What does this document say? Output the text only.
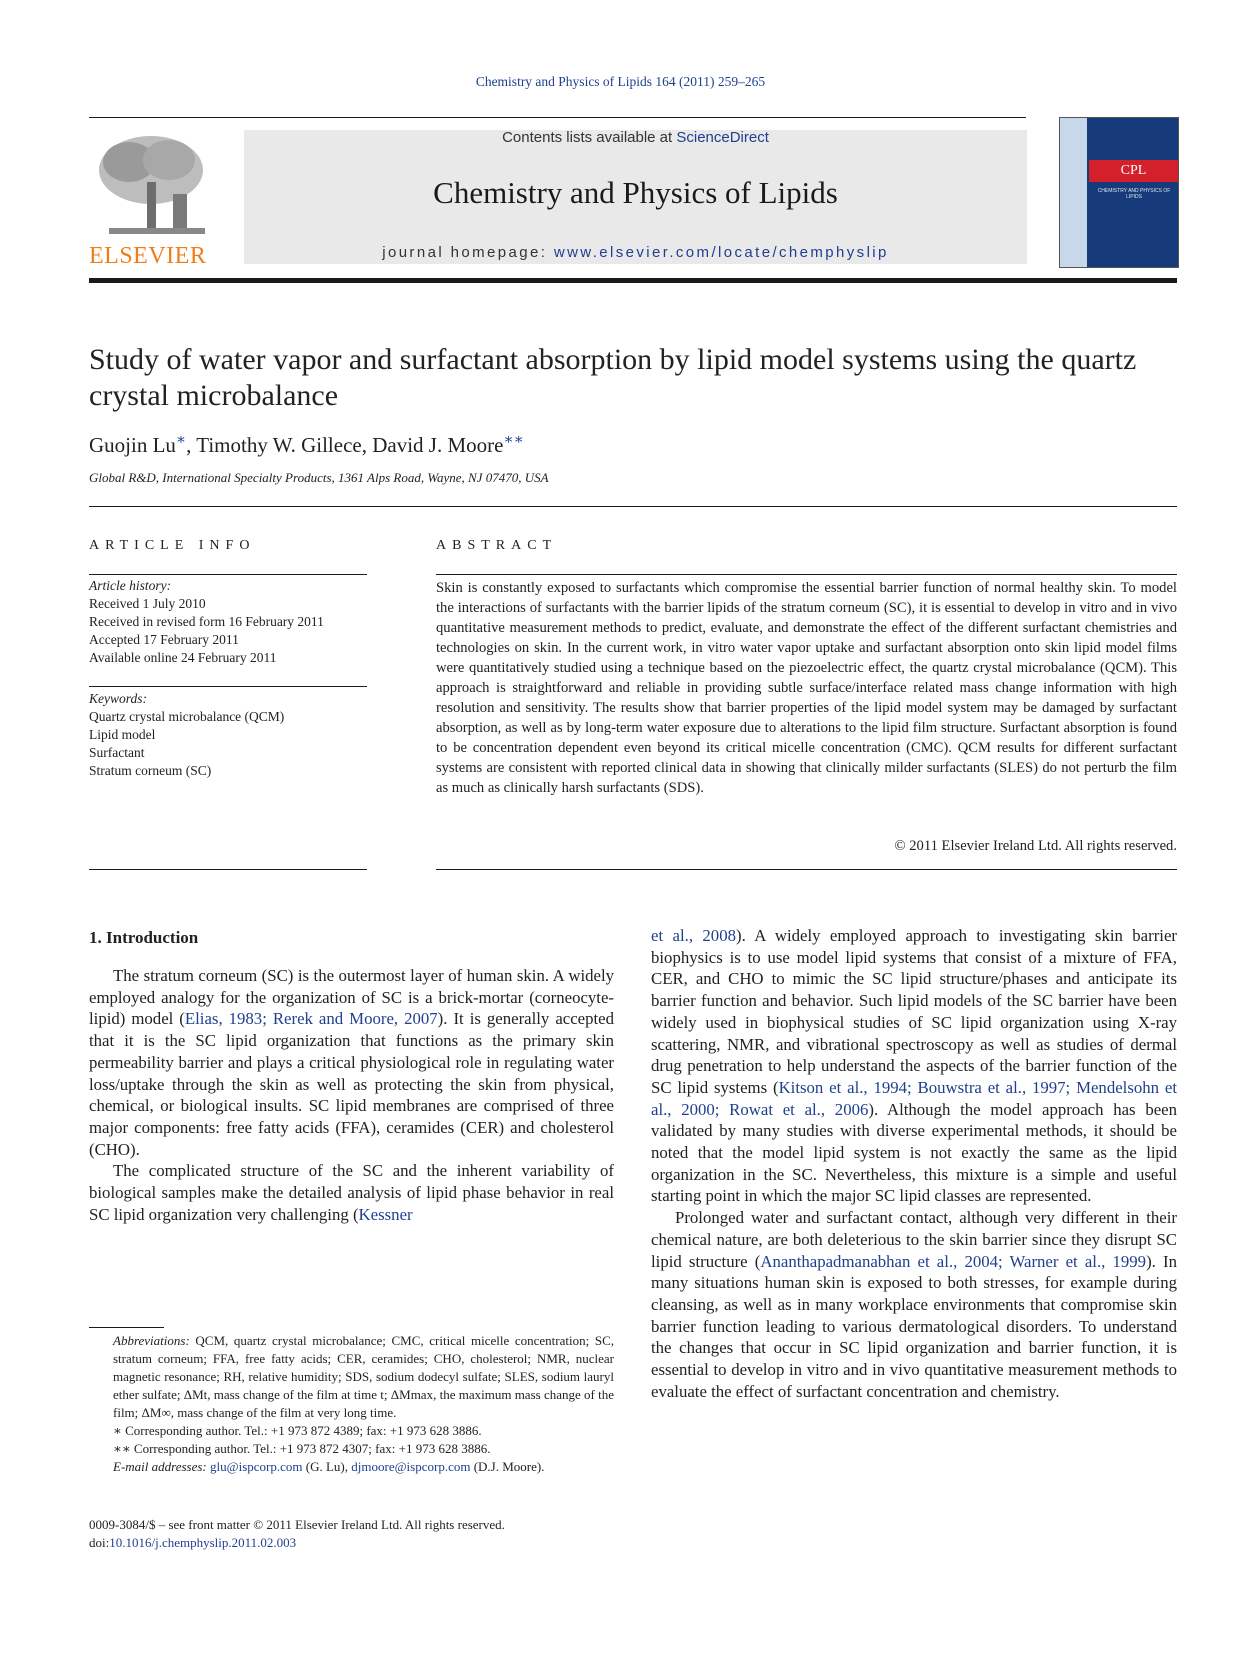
Chemistry and Physics of Lipids 164 (2011) 259–265
ELSEVIER
Contents lists available at ScienceDirect
Chemistry and Physics of Lipids
journal homepage: www.elsevier.com/locate/chemphyslip
CPL
CHEMISTRY AND PHYSICS OF LIPIDS
Study of water vapor and surfactant absorption by lipid model systems using the quartz crystal microbalance
Guojin Lu∗, Timothy W. Gillece, David J. Moore∗∗
Global R&D, International Specialty Products, 1361 Alps Road, Wayne, NJ 07470, USA
ARTICLE INFO	ABSTRACT
Article history:
Received 1 July 2010
Received in revised form 16 February 2011
Accepted 17 February 2011
Available online 24 February 2011
Keywords:
Quartz crystal microbalance (QCM)
Lipid model
Surfactant
Stratum corneum (SC)
Skin is constantly exposed to surfactants which compromise the essential barrier function of normal healthy skin. To model the interactions of surfactants with the barrier lipids of the stratum corneum (SC), it is essential to develop in vitro and in vivo quantitative measurement methods to predict, evaluate, and demonstrate the effect of the different surfactant chemistries and technologies on skin. In the current work, in vitro water vapor uptake and surfactant absorption onto skin lipid model films were quantitatively studied using a technique based on the piezoelectric effect, the quartz crystal microbalance (QCM). This approach is straightforward and reliable in providing subtle surface/interface related mass change information with high resolution and sensitivity. The results show that barrier properties of the lipid model system may be damaged by surfactant absorption, as well as by long-term water exposure due to alterations to the lipid film structure. Surfactant absorption is found to be concentration dependent even beyond its critical micelle concentration (CMC). QCM results for different surfactant systems are consistent with reported clinical data in showing that clinically milder surfactants (SLES) do not perturb the film as much as clinically harsh surfactants (SDS).
© 2011 Elsevier Ireland Ltd. All rights reserved.
1. Introduction

The stratum corneum (SC) is the outermost layer of human skin. A widely employed analogy for the organization of SC is a brick-mortar (corneocyte-lipid) model (Elias, 1983; Rerek and Moore, 2007). It is generally accepted that it is the SC lipid organization that functions as the primary skin permeability barrier and plays a critical physiological role in regulating water loss/uptake through the skin as well as protecting the skin from physical, chemical, or biological insults. SC lipid membranes are comprised of three major components: free fatty acids (FFA), ceramides (CER) and cholesterol (CHO).

The complicated structure of the SC and the inherent variability of biological samples make the detailed analysis of lipid phase behavior in real SC lipid organization very challenging (Kessner

et al., 2008). A widely employed approach to investigating skin barrier biophysics is to use model lipid systems that consist of a mixture of FFA, CER, and CHO to mimic the SC lipid structure/phases and anticipate its barrier function and behavior. Such lipid models of the SC barrier have been widely used in biophysical studies of SC lipid organization using X-ray scattering, NMR, and vibrational spectroscopy as well as studies of dermal drug penetration to help understand the aspects of the barrier function of the SC lipid systems (Kitson et al., 1994; Bouwstra et al., 1997; Mendelsohn et al., 2000; Rowat et al., 2006). Although the model approach has been validated by many studies with diverse experimental methods, it should be noted that the model lipid system is not exactly the same as the lipid organization in the SC. Nevertheless, this mixture is a simple and useful starting point in which the major SC lipid classes are represented.

Prolonged water and surfactant contact, although very different in their chemical nature, are both deleterious to the skin barrier since they disrupt SC lipid structure (Ananthapadmanabhan et al., 2004; Warner et al., 1999). In many situations human skin is exposed to both stresses, for example during cleansing, as well as in many workplace environments that compromise skin barrier function leading to various dermatological disorders. To understand the changes that occur in SC lipid organization and barrier function, it is essential to develop in vitro and in vivo quantitative measurement methods to evaluate the effect of surfactant concentration and chemistry.

Abbreviations: QCM, quartz crystal microbalance; CMC, critical micelle concentration; SC, stratum corneum; FFA, free fatty acids; CER, ceramides; CHO, cholesterol; NMR, nuclear magnetic resonance; RH, relative humidity; SDS, sodium dodecyl sulfate; SLES, sodium lauryl ether sulfate; ΔMt, mass change of the film at time t; ΔMmax, the maximum mass change of the film; ΔM∞, mass change of the film at very long time.
∗ Corresponding author. Tel.: +1 973 872 4389; fax: +1 973 628 3886.
∗∗ Corresponding author. Tel.: +1 973 872 4307; fax: +1 973 628 3886.
E-mail addresses: glu@ispcorp.com (G. Lu), djmoore@ispcorp.com (D.J. Moore).
0009-3084/$ – see front matter © 2011 Elsevier Ireland Ltd. All rights reserved.
doi:10.1016/j.chemphyslip.2011.02.003
